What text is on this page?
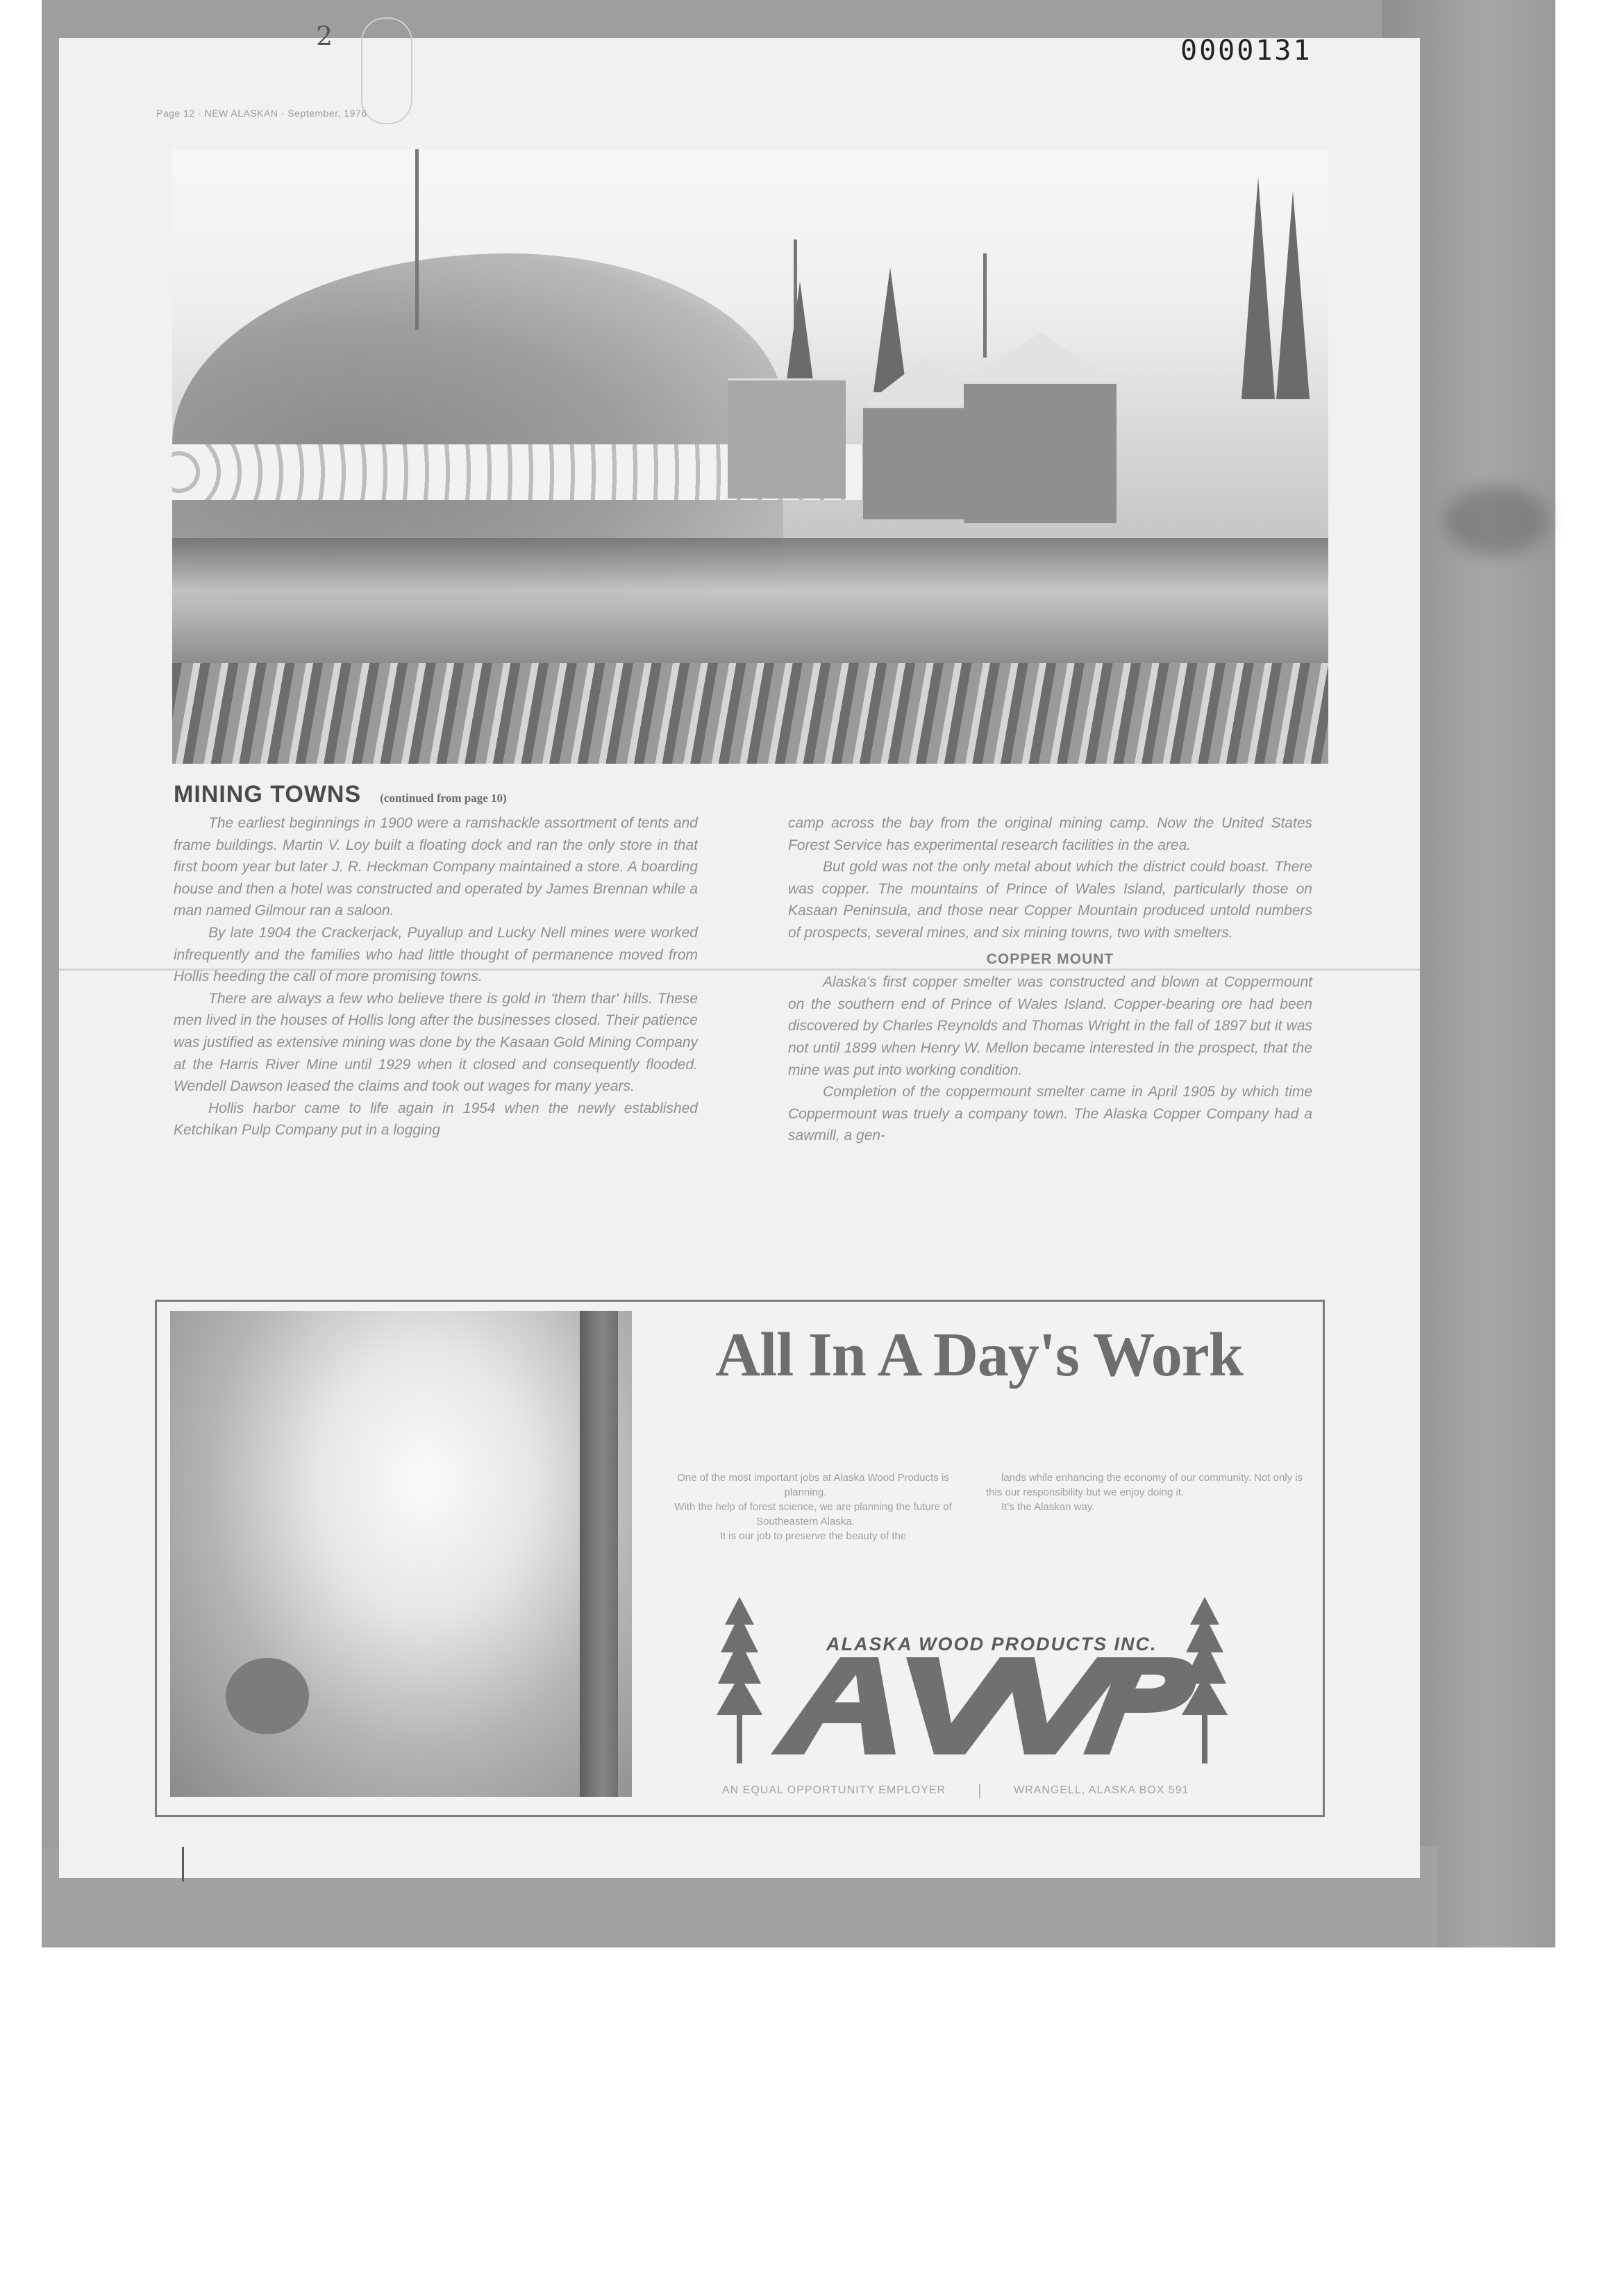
2	0000131
Page 12 · NEW ALASKAN · September, 1976
MINING TOWNS (continued from page 10)

The earliest beginnings in 1900 were a ramshackle assortment of tents and frame buildings. Martin V. Loy built a floating dock and ran the only store in that first boom year but later J. R. Heckman Company maintained a store. A boarding house and then a hotel was constructed and operated by James Brennan while a man named Gilmour ran a saloon.

By late 1904 the Crackerjack, Puyallup and Lucky Nell mines were worked infrequently and the families who had little thought of permanence moved from Hollis heeding the call of more promising towns.

There are always a few who believe there is gold in 'them thar' hills. These men lived in the houses of Hollis long after the businesses closed. Their patience was justified as extensive mining was done by the Kasaan Gold Mining Company at the Harris River Mine until 1929 when it closed and consequently flooded. Wendell Dawson leased the claims and took out wages for many years.

Hollis harbor came to life again in 1954 when the newly established Ketchikan Pulp Company put in a logging

camp across the bay from the original mining camp. Now the United States Forest Service has experimental research facilities in the area.

But gold was not the only metal about which the district could boast. There was copper. The mountains of Prince of Wales Island, particularly those on Kasaan Peninsula, and those near Copper Mountain produced untold numbers of prospects, several mines, and six mining towns, two with smelters.

COPPER MOUNT

Alaska's first copper smelter was constructed and blown at Coppermount on the southern end of Prince of Wales Island. Copper-bearing ore had been discovered by Charles Reynolds and Thomas Wright in the fall of 1897 but it was not until 1899 when Henry W. Mellon became interested in the prospect, that the mine was put into working condition.

Completion of the coppermount smelter came in April 1905 by which time Coppermount was truely a company town. The Alaska Copper Company had a sawmill, a gen-

All In A Day's Work

One of the most important jobs at Alaska Wood Products is planning.

With the help of forest science, we are planning the future of Southeastern Alaska.

It is our job to preserve the beauty of the

lands while enhancing the economy of our community. Not only is this our responsibility but we enjoy doing it.

It's the Alaskan way.

ALASKA WOOD PRODUCTS INC.
AN EQUAL OPPORTUNITY EMPLOYER	WRANGELL, ALASKA BOX 591
